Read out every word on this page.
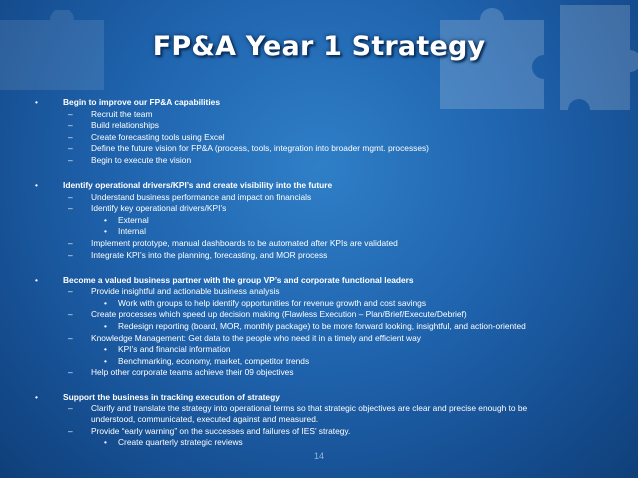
FP&A Year 1 Strategy
•	Begin to improve our FP&A capabilities
– Recruit the team
– Build relationships
– Create forecasting tools using Excel
– Define the future vision for FP&A (process, tools, integration into broader mgmt. processes)
– Begin to execute the vision
•	Identify operational drivers/KPI’s and create visibility into the future
– Understand business performance and impact on financials
– Identify key operational drivers/KPI’s
• External
• Internal
– Implement prototype, manual dashboards to be automated after KPIs are validated
– Integrate KPI’s into the planning, forecasting, and MOR process
•	Become a valued business partner with the group VP’s and corporate functional leaders
– Provide insightful and actionable business analysis
• Work with groups to help identify opportunities for revenue growth and cost savings
– Create processes which speed up decision making (Flawless Execution – Plan/Brief/Execute/Debrief)
• Redesign reporting (board, MOR, monthly package) to be more forward looking, insightful, and action-oriented
– Knowledge Management: Get data to the people who need it in a timely and efficient way
• KPI’s and financial information
• Benchmarking, economy, market, competitor trends
– Help other corporate teams achieve their 09 objectives
•	Support the business in tracking execution of strategy
– Clarify and translate the strategy into operational terms so that strategic objectives are clear and precise enough to be understood, communicated, executed against and measured.
– Provide “early warning” on the successes and failures of IES’ strategy.
• Create quarterly strategic reviews
14
